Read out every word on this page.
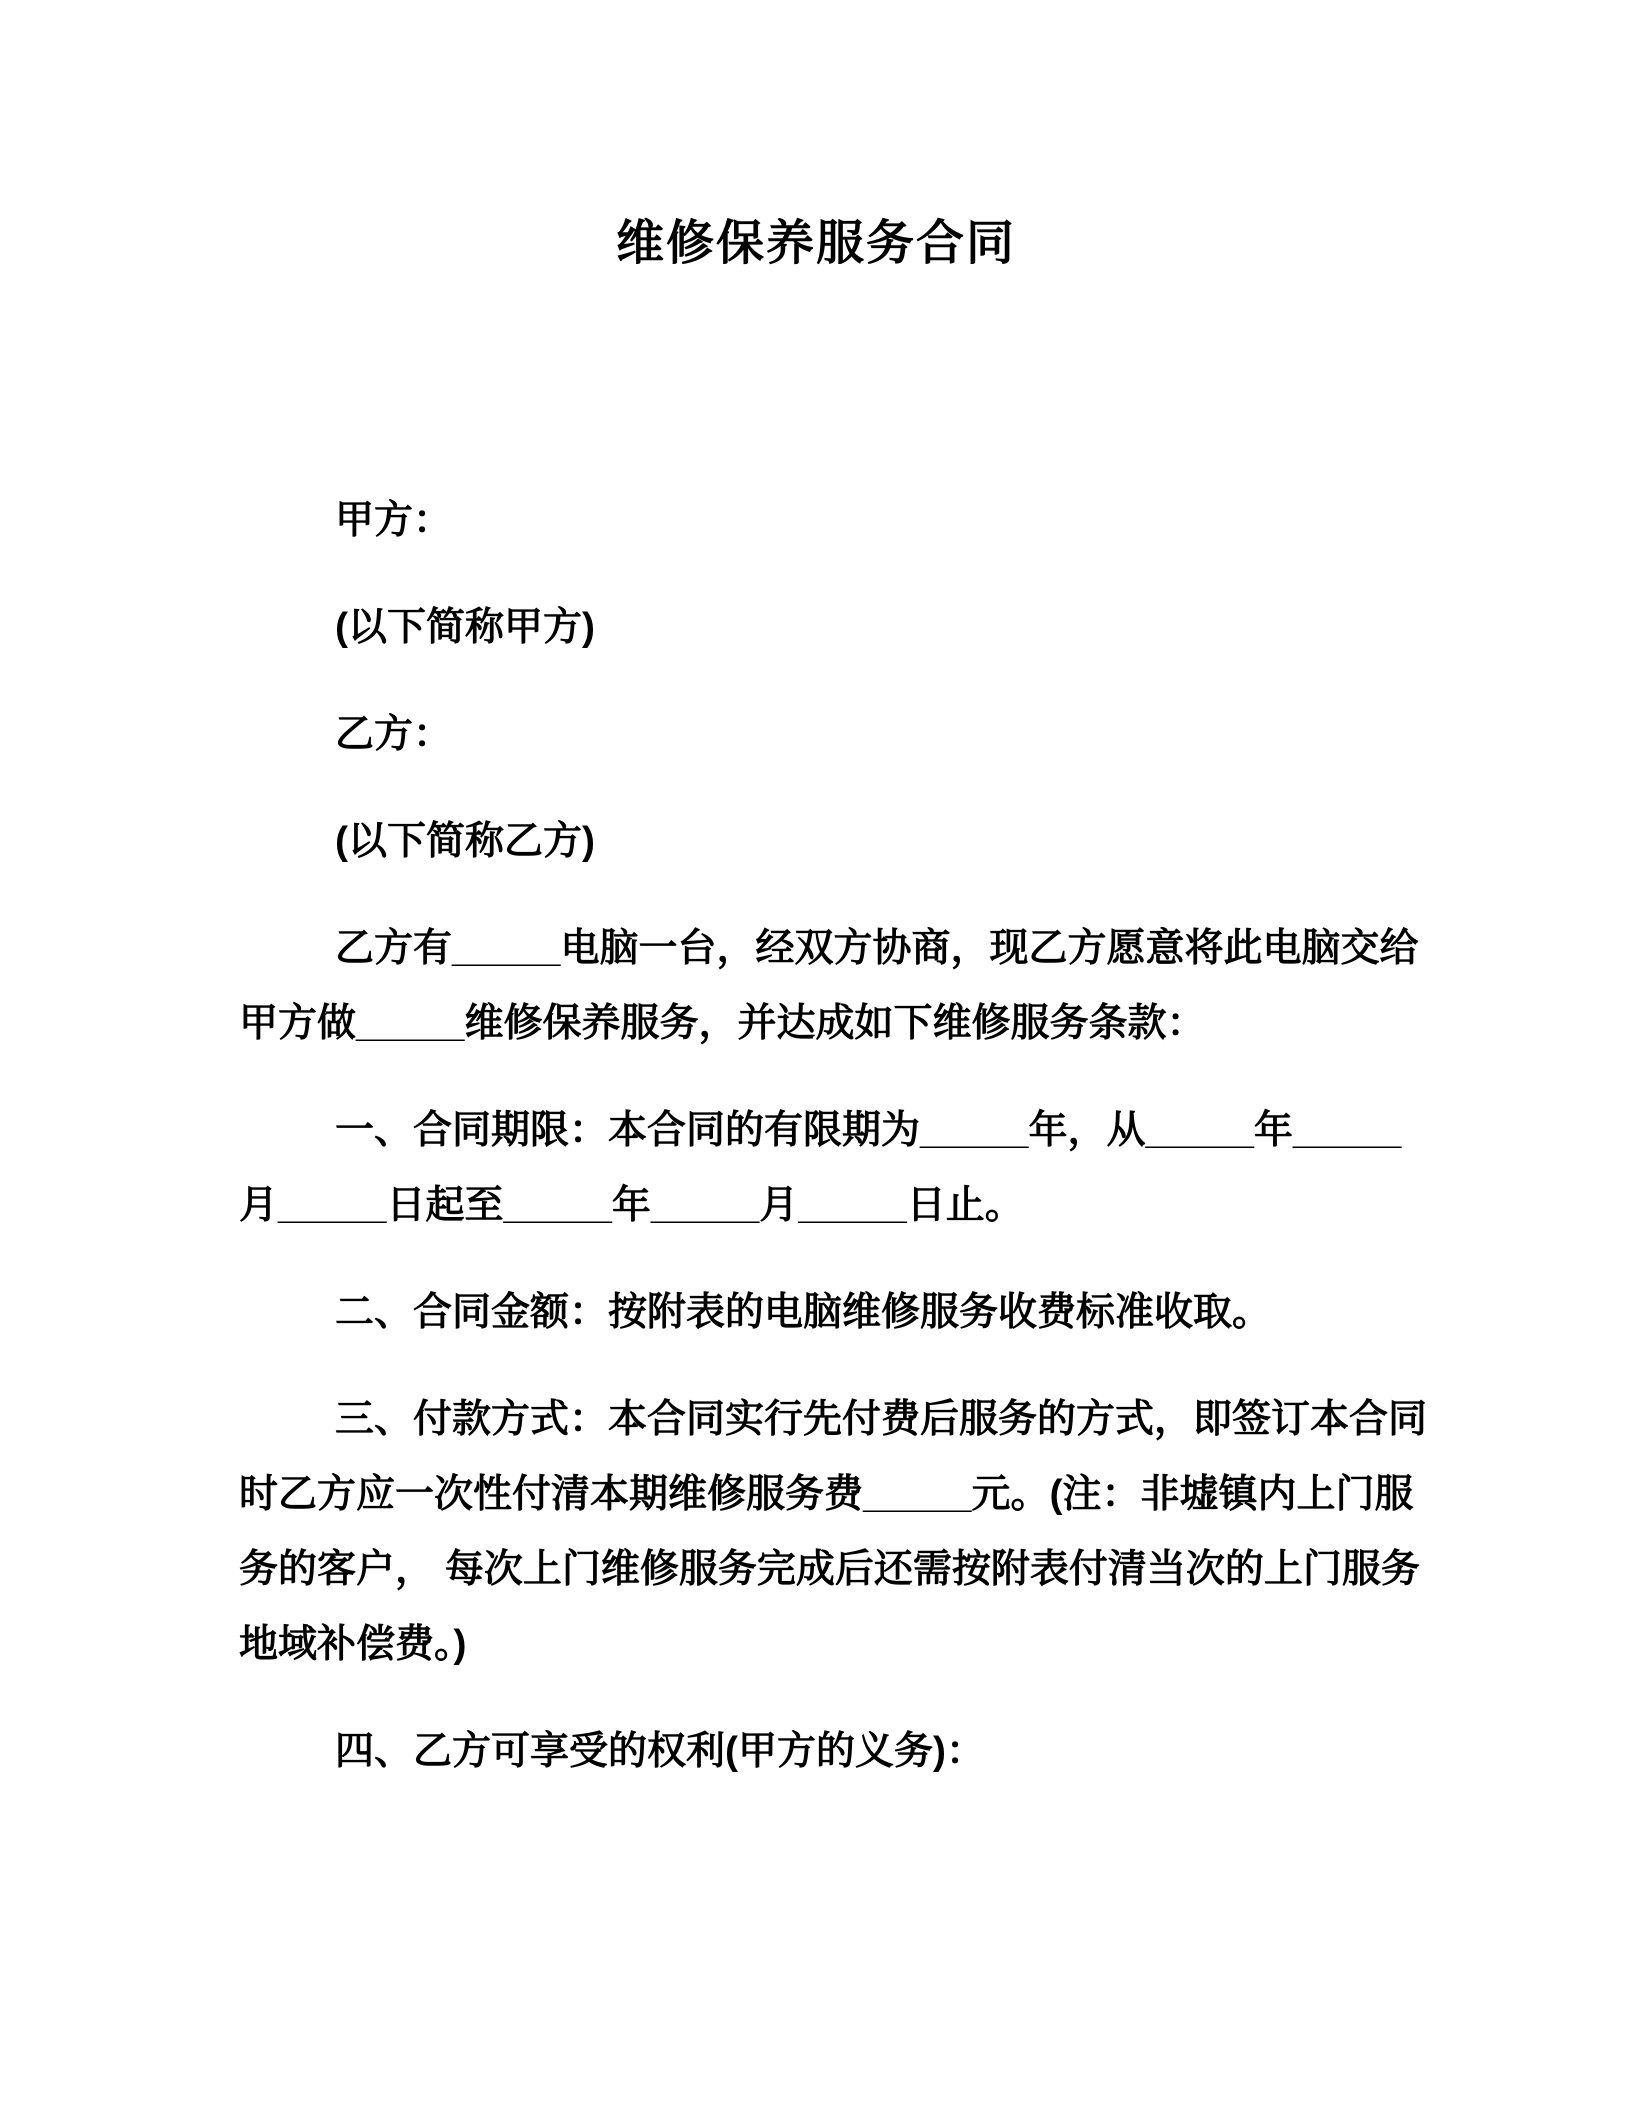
维修保养服务合同
甲方：
(以下简称甲方)
乙方：
(以下简称乙方)
乙方有_____电脑一台，经双方协商，现乙方愿意将此电脑交给
甲方做_____维修保养服务，并达成如下维修服务条款：
一、合同期限：本合同的有限期为_____年，从_____年_____
月_____日起至_____年_____月_____日止。
二、合同金额：按附表的电脑维修服务收费标准收取。
三、付款方式：本合同实行先付费后服务的方式，即签订本合同
时乙方应一次性付清本期维修服务费_____元。(注：非墟镇内上门服
务的客户， 每次上门维修服务完成后还需按附表付清当次的上门服务
地域补偿费。)
四、乙方可享受的权利(甲方的义务)：
